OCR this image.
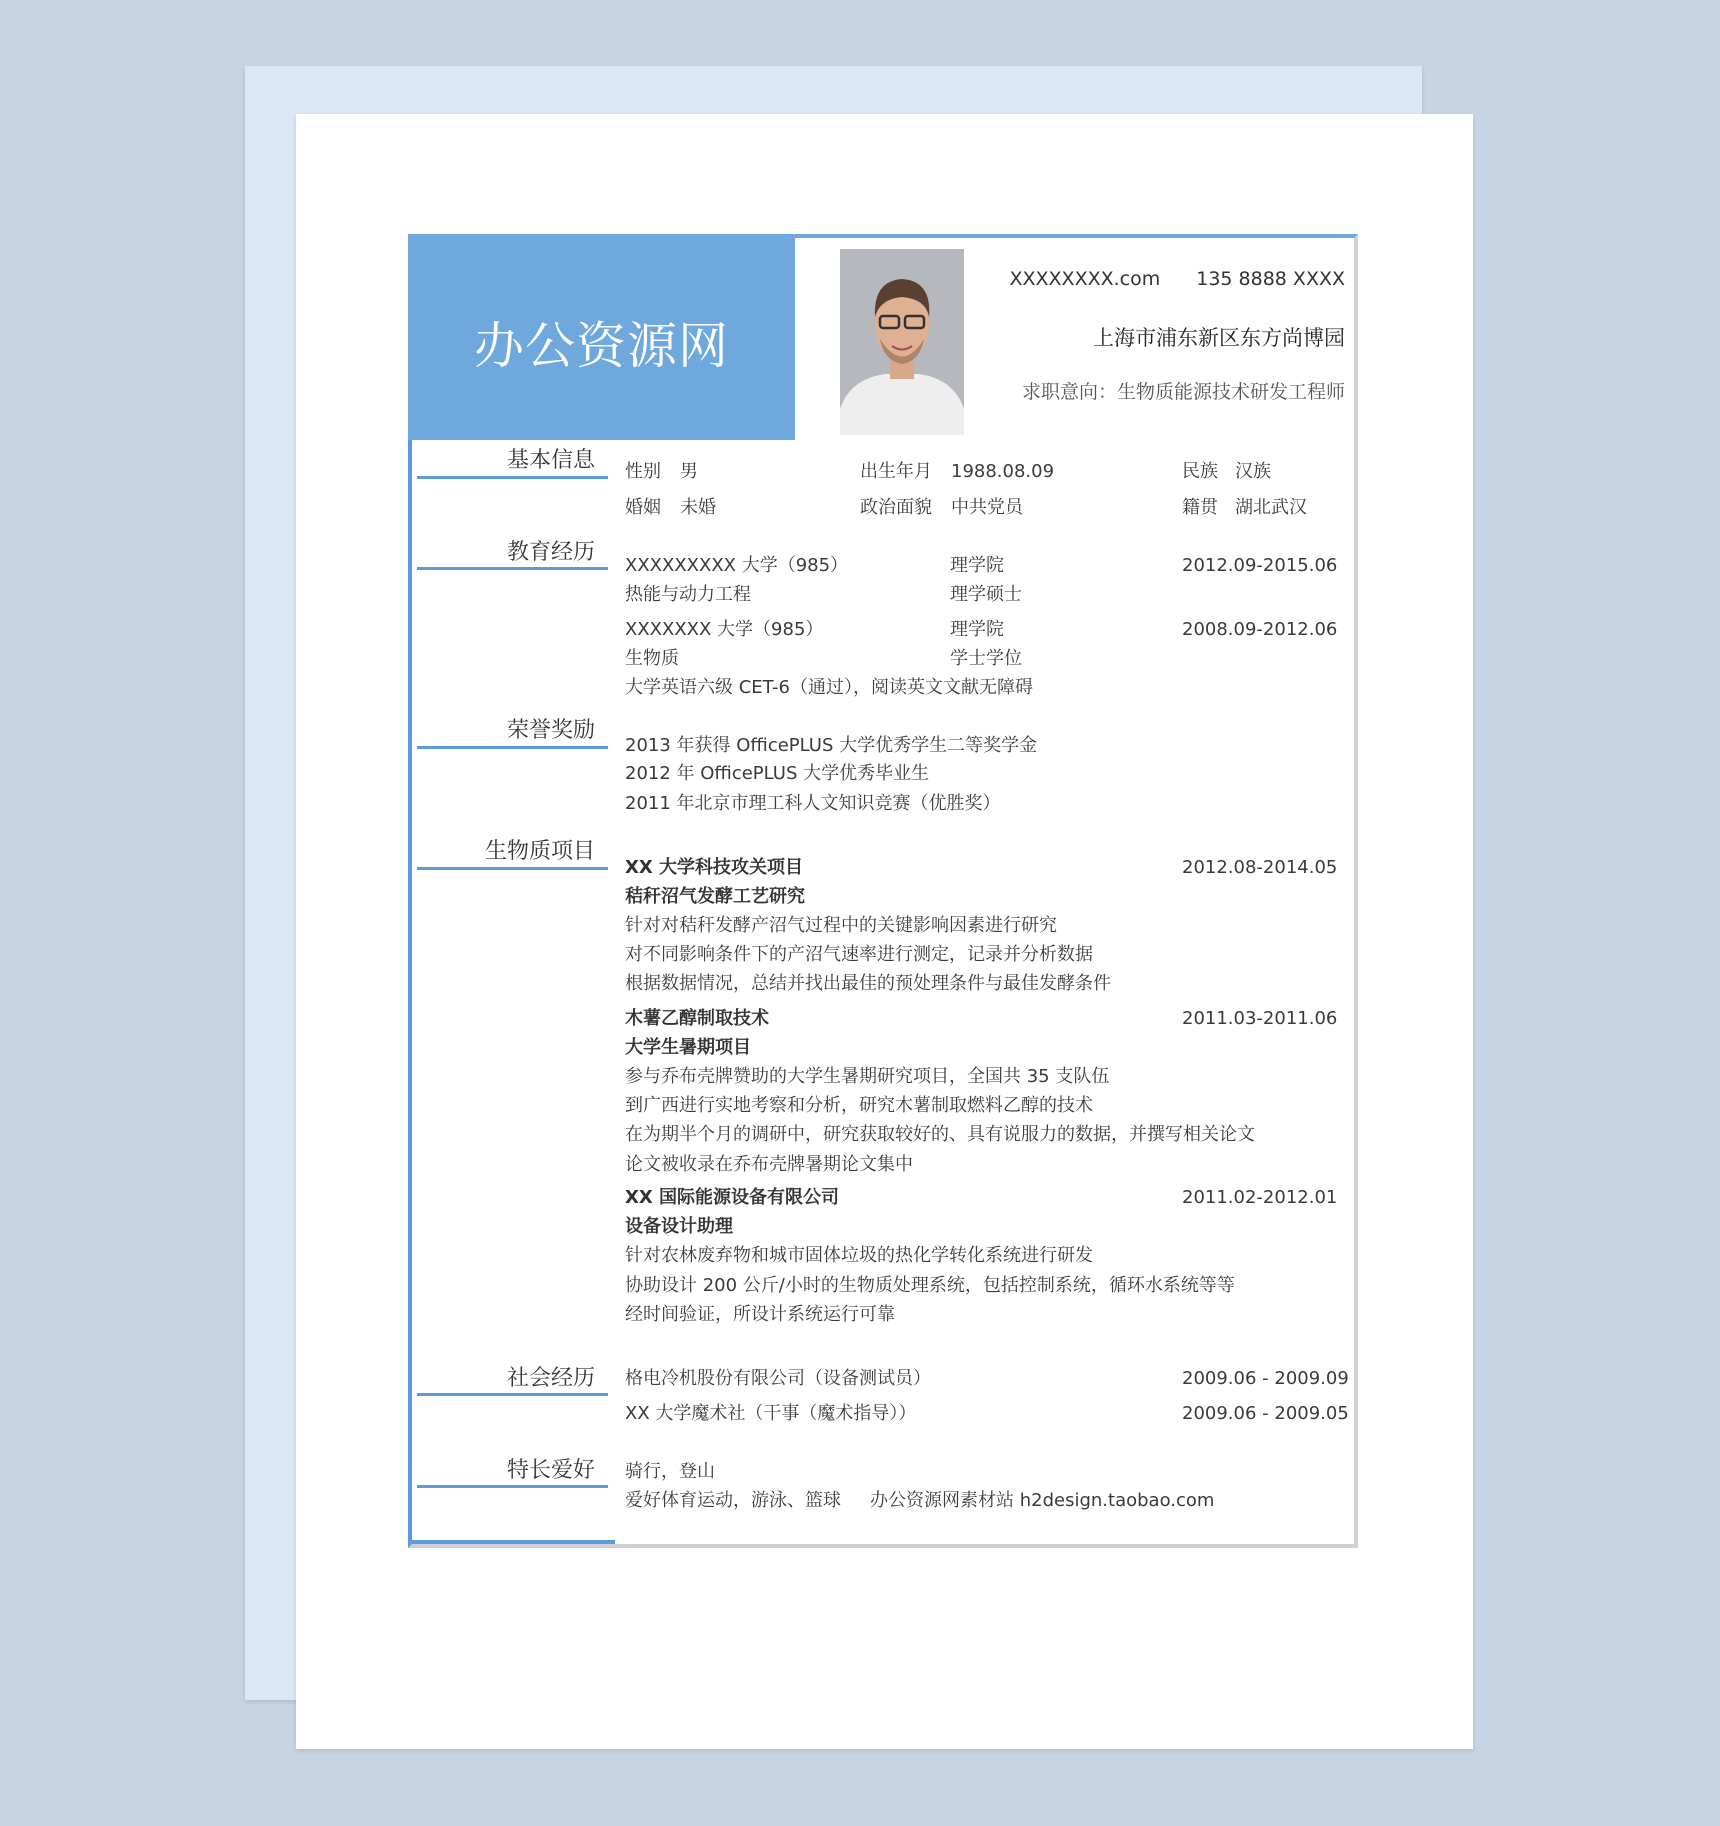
办公资源网
XXXXXXXX.com 135 8888 XXXX
上海市浦东新区东方尚博园
求职意向：生物质能源技术研发工程师
基本信息 性别 男	出生年月 1988.08.09	民族 汉族
婚姻 未婚	政治面貌 中共党员	籍贯 湖北武汉
教育经历
XXXXXXXXX 大学（985）	理学院	2012.09-2015.06
热能与动力工程	理学硕士
XXXXXXX 大学（985）	理学院	2008.09-2012.06
生物质	学士学位
大学英语六级 CET-6（通过），阅读英文文献无障碍
荣誉奖励
2013 年获得 OfficePLUS 大学优秀学生二等奖学金
2012 年 OfficePLUS 大学优秀毕业生
2011 年北京市理工科人文知识竞赛（优胜奖）
生物质项目
XX 大学科技攻关项目	2012.08-2014.05
秸秆沼气发酵工艺研究
针对对秸秆发酵产沼气过程中的关键影响因素进行研究
对不同影响条件下的产沼气速率进行测定，记录并分析数据
根据数据情况，总结并找出最佳的预处理条件与最佳发酵条件
木薯乙醇制取技术	2011.03-2011.06
大学生暑期项目
参与乔布壳牌赞助的大学生暑期研究项目，全国共 35 支队伍
到广西进行实地考察和分析，研究木薯制取燃料乙醇的技术
在为期半个月的调研中，研究获取较好的、具有说服力的数据，并撰写相关论文
论文被收录在乔布壳牌暑期论文集中
XX 国际能源设备有限公司	2011.02-2012.01
设备设计助理
针对农林废弃物和城市固体垃圾的热化学转化系统进行研发
协助设计 200 公斤/小时的生物质处理系统，包括控制系统，循环水系统等等
经时间验证，所设计系统运行可靠
社会经历 格电冷机股份有限公司（设备测试员）	2009.06 - 2009.09
XX 大学魔术社（干事（魔术指导））	2009.06 - 2009.05
特长爱好 骑行，登山
爱好体育运动，游泳、篮球 办公资源网素材站 h2design.taobao.com
